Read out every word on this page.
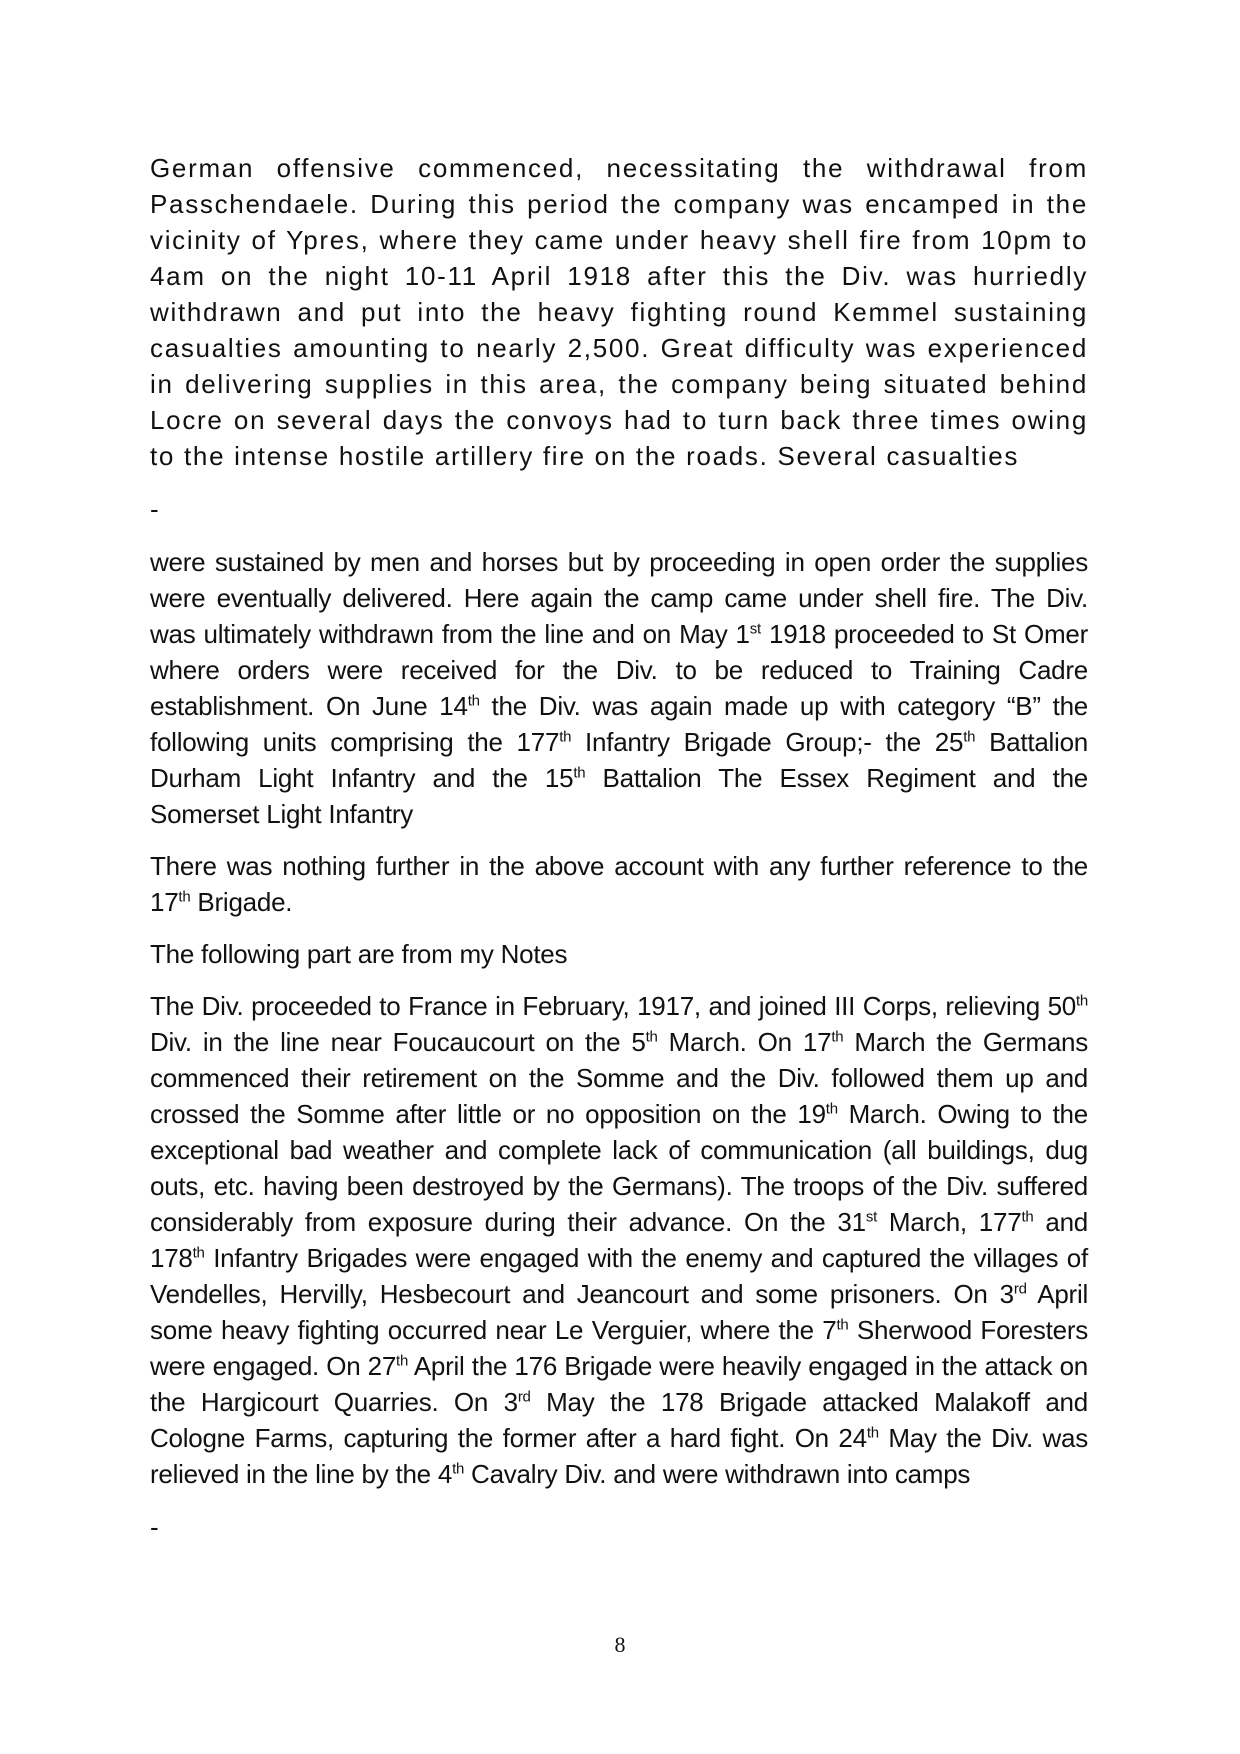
German offensive commenced, necessitating the withdrawal from Passchendaele. During this period the company was encamped in the vicinity of Ypres, where they came under heavy shell fire from 10pm to 4am on the night 10-11 April 1918 after this the Div. was hurriedly withdrawn and put into the heavy fighting round Kemmel sustaining casualties amounting to nearly 2,500. Great difficulty was experienced in delivering supplies in this area, the company being situated behind Locre on several days the convoys had to turn back three times owing to the intense hostile artillery fire on the roads. Several casualties

-

were sustained by men and horses but by proceeding in open order the supplies were eventually delivered. Here again the camp came under shell fire. The Div. was ultimately withdrawn from the line and on May 1st 1918 proceeded to St Omer where orders were received for the Div. to be reduced to Training Cadre establishment. On June 14th the Div. was again made up with category “B” the following units comprising the 177th Infantry Brigade Group;- the 25th Battalion Durham Light Infantry and the 15th Battalion The Essex Regiment and the Somerset Light Infantry

There was nothing further in the above account with any further reference to the 17th Brigade.

The following part are from my Notes

The Div. proceeded to France in February, 1917, and joined III Corps, relieving 50th Div. in the line near Foucaucourt on the 5th March. On 17th March the Germans commenced their retirement on the Somme and the Div. followed them up and crossed the Somme after little or no opposition on the 19th March. Owing to the exceptional bad weather and complete lack of communication (all buildings, dug outs, etc. having been destroyed by the Germans). The troops of the Div. suffered considerably from exposure during their advance. On the 31st March, 177th and 178th Infantry Brigades were engaged with the enemy and captured the villages of Vendelles, Hervilly, Hesbecourt and Jeancourt and some prisoners. On 3rd April some heavy fighting occurred near Le Verguier, where the 7th Sherwood Foresters were engaged. On 27th April the 176 Brigade were heavily engaged in the attack on the Hargicourt Quarries. On 3rd May the 178 Brigade attacked Malakoff and Cologne Farms, capturing the former after a hard fight. On 24th May the Div. was relieved in the line by the 4th Cavalry Div. and were withdrawn into camps

-

8
